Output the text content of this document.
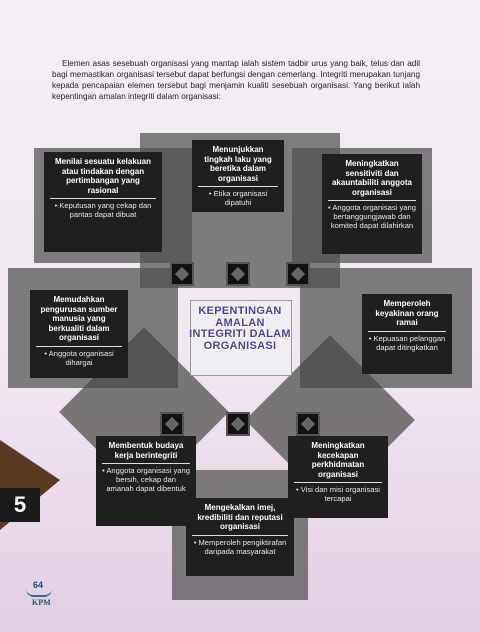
Elemen asas sesebuah organisasi yang mantap ialah sistem tadbir urus yang baik, telus dan adil bagi memastikan organisasi tersebut dapat berfungsi dengan cemerlang. Integriti merupakan tunjang kepada pencapaian elemen tersebut bagi menjamin kualiti sesebuah organisasi. Yang berikut ialah kepentingan amalan integriti dalam organisasi:
KEPENTINGAN AMALAN INTEGRITI DALAM ORGANISASI
Menilai sesuatu kelakuan atau tindakan dengan pertimbangan yang rasional
• Keputusan yang cekap dan pantas dapat dibuat
Menunjukkan tingkah laku yang beretika dalam organisasi
• Etika organisasi dipatuhi
Meningkatkan sensitiviti dan akauntabiliti anggota organisasi
• Anggota organisasi yang bertanggungjawab dan komited dapat dilahirkan
Memudahkan pengurusan sumber manusia yang berkualiti dalam organisasi
• Anggota organisasi dihargai
Memperoleh keyakinan orang ramai
• Kepuasan pelanggan dapat ditingkatkan
Membentuk budaya kerja berintegriti
• Anggota organisasi yang bersih, cekap dan amanah dapat dibentuk
Meningkatkan kecekapan perkhidmatan organisasi
• Visi dan misi organisasi tercapai
Mengekalkan imej, kredibiliti dan reputasi organisasi
• Memperoleh pengiktirafan daripada masyarakat
5
64
KPM
